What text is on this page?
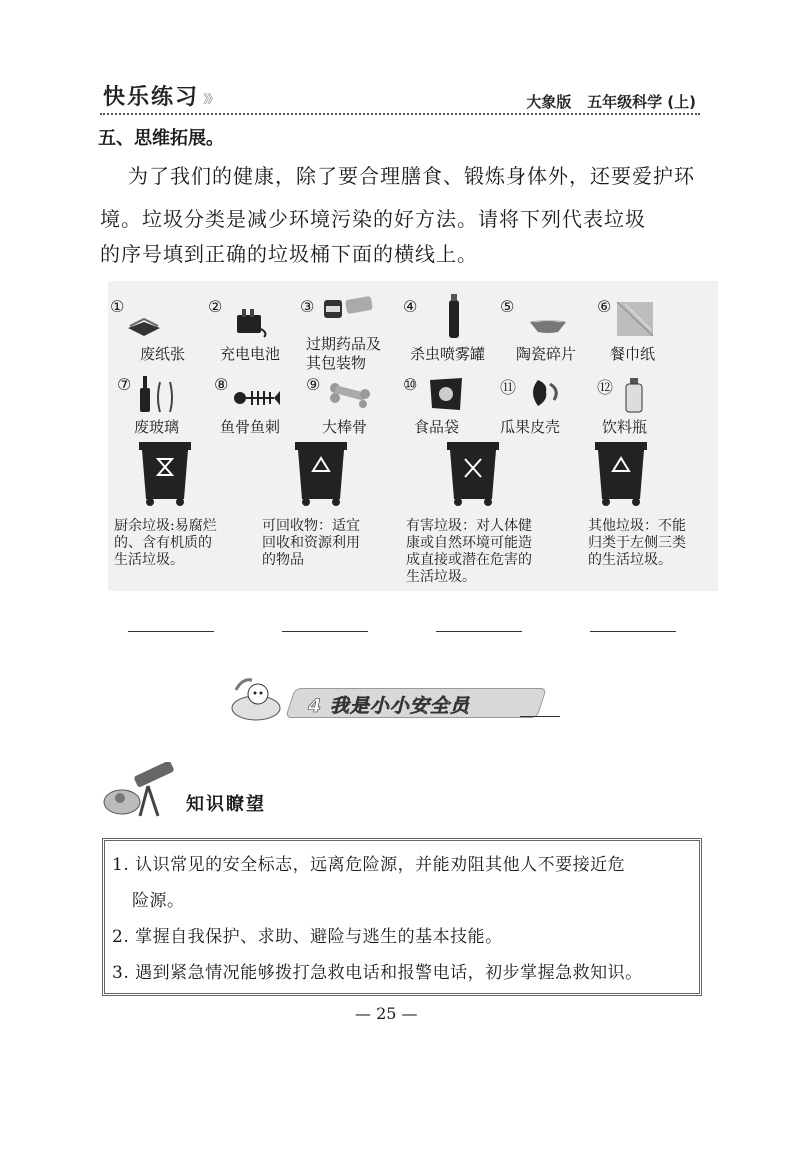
快乐练习 》》	大象版 五年级科学 (上)
五、思维拓展。
为了我们的健康，除了要合理膳食、锻炼身体外，还要爱护环
境。垃圾分类是减少环境污染的好方法。请将下列代表垃圾
的序号填到正确的垃圾桶下面的横线上。
①
废纸张
②
充电电池
③
过期药品及
其包装物
④
杀虫喷雾罐
⑤
陶瓷碎片
⑥
餐巾纸
⑦
废玻璃
⑧
鱼骨鱼刺
⑨
大棒骨
⑩
食品袋
⑪
瓜果皮壳
⑫
饮料瓶
厨余垃圾:易腐烂
的、含有机质的
生活垃圾。
可回收物：适宜
回收和资源利用
的物品
有害垃圾：对人体健
康或自然环境可能造
成直接或潜在危害的
生活垃圾。
其他垃圾：不能
归类于左侧三类
的生活垃圾。
4 我是小小安全员
知识瞭望
1. 认识常见的安全标志，远离危险源，并能劝阻其他人不要接近危
险源。
2. 掌握自我保护、求助、避险与逃生的基本技能。
3. 遇到紧急情况能够拨打急救电话和报警电话，初步掌握急救知识。
— 25 —
